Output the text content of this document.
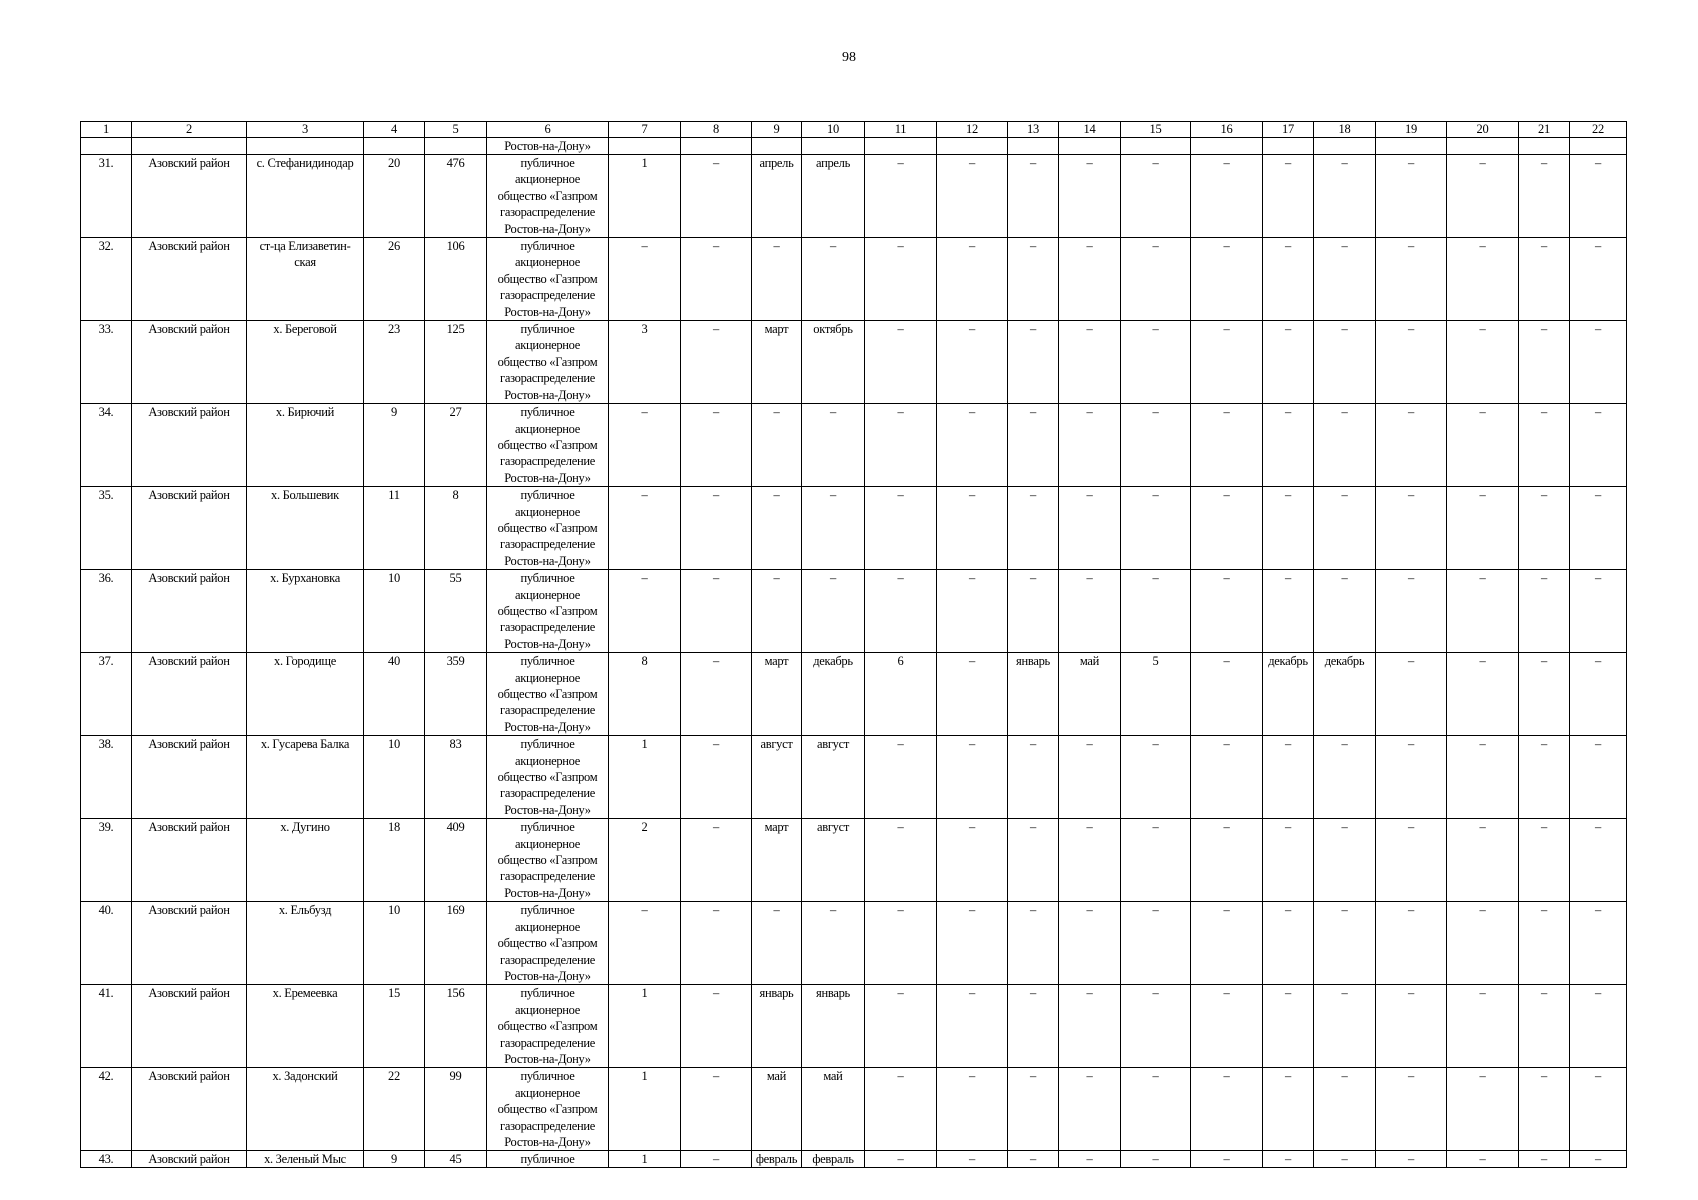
98
1	2	3	4	5	6	7	8	9	10	11	12	13	14	15	16	17	18	19	20	21	22
					Ростов-на-Дону»																
31.	Азовский район	с. Стефанидинодар	20	476	публичное
акционерное
общество «Газпром
газораспределение
Ростов-на-Дону»	1	–	апрель	апрель	–	–	–	–	–	–	–	–	–	–	–	–
32.	Азовский район	ст-ца Елизаветин-ская	26	106	публичное
акционерное
общество «Газпром
газораспределение
Ростов-на-Дону»	–	–	–	–	–	–	–	–	–	–	–	–	–	–	–	–
33.	Азовский район	х. Береговой	23	125	публичное
акционерное
общество «Газпром
газораспределение
Ростов-на-Дону»	3	–	март	октябрь	–	–	–	–	–	–	–	–	–	–	–	–
34.	Азовский район	х. Бирючий	9	27	публичное
акционерное
общество «Газпром
газораспределение
Ростов-на-Дону»	–	–	–	–	–	–	–	–	–	–	–	–	–	–	–	–
35.	Азовский район	х. Большевик	11	8	публичное
акционерное
общество «Газпром
газораспределение
Ростов-на-Дону»	–	–	–	–	–	–	–	–	–	–	–	–	–	–	–	–
36.	Азовский район	х. Бурхановка	10	55	публичное
акционерное
общество «Газпром
газораспределение
Ростов-на-Дону»	–	–	–	–	–	–	–	–	–	–	–	–	–	–	–	–
37.	Азовский район	х. Городище	40	359	публичное
акционерное
общество «Газпром
газораспределение
Ростов-на-Дону»	8	–	март	декабрь	6	–	январь	май	5	–	декабрь	декабрь	–	–	–	–
38.	Азовский район	х. Гусарева Балка	10	83	публичное
акционерное
общество «Газпром
газораспределение
Ростов-на-Дону»	1	–	август	август	–	–	–	–	–	–	–	–	–	–	–	–
39.	Азовский район	х. Дугино	18	409	публичное
акционерное
общество «Газпром
газораспределение
Ростов-на-Дону»	2	–	март	август	–	–	–	–	–	–	–	–	–	–	–	–
40.	Азовский район	х. Ельбузд	10	169	публичное
акционерное
общество «Газпром
газораспределение
Ростов-на-Дону»	–	–	–	–	–	–	–	–	–	–	–	–	–	–	–	–
41.	Азовский район	х. Еремеевка	15	156	публичное
акционерное
общество «Газпром
газораспределение
Ростов-на-Дону»	1	–	январь	январь	–	–	–	–	–	–	–	–	–	–	–	–
42.	Азовский район	х. Задонский	22	99	публичное
акционерное
общество «Газпром
газораспределение
Ростов-на-Дону»	1	–	май	май	–	–	–	–	–	–	–	–	–	–	–	–
43.	Азовский район	х. Зеленый Мыс	9	45	публичное	1	–	февраль	февраль	–	–	–	–	–	–	–	–	–	–	–	–
